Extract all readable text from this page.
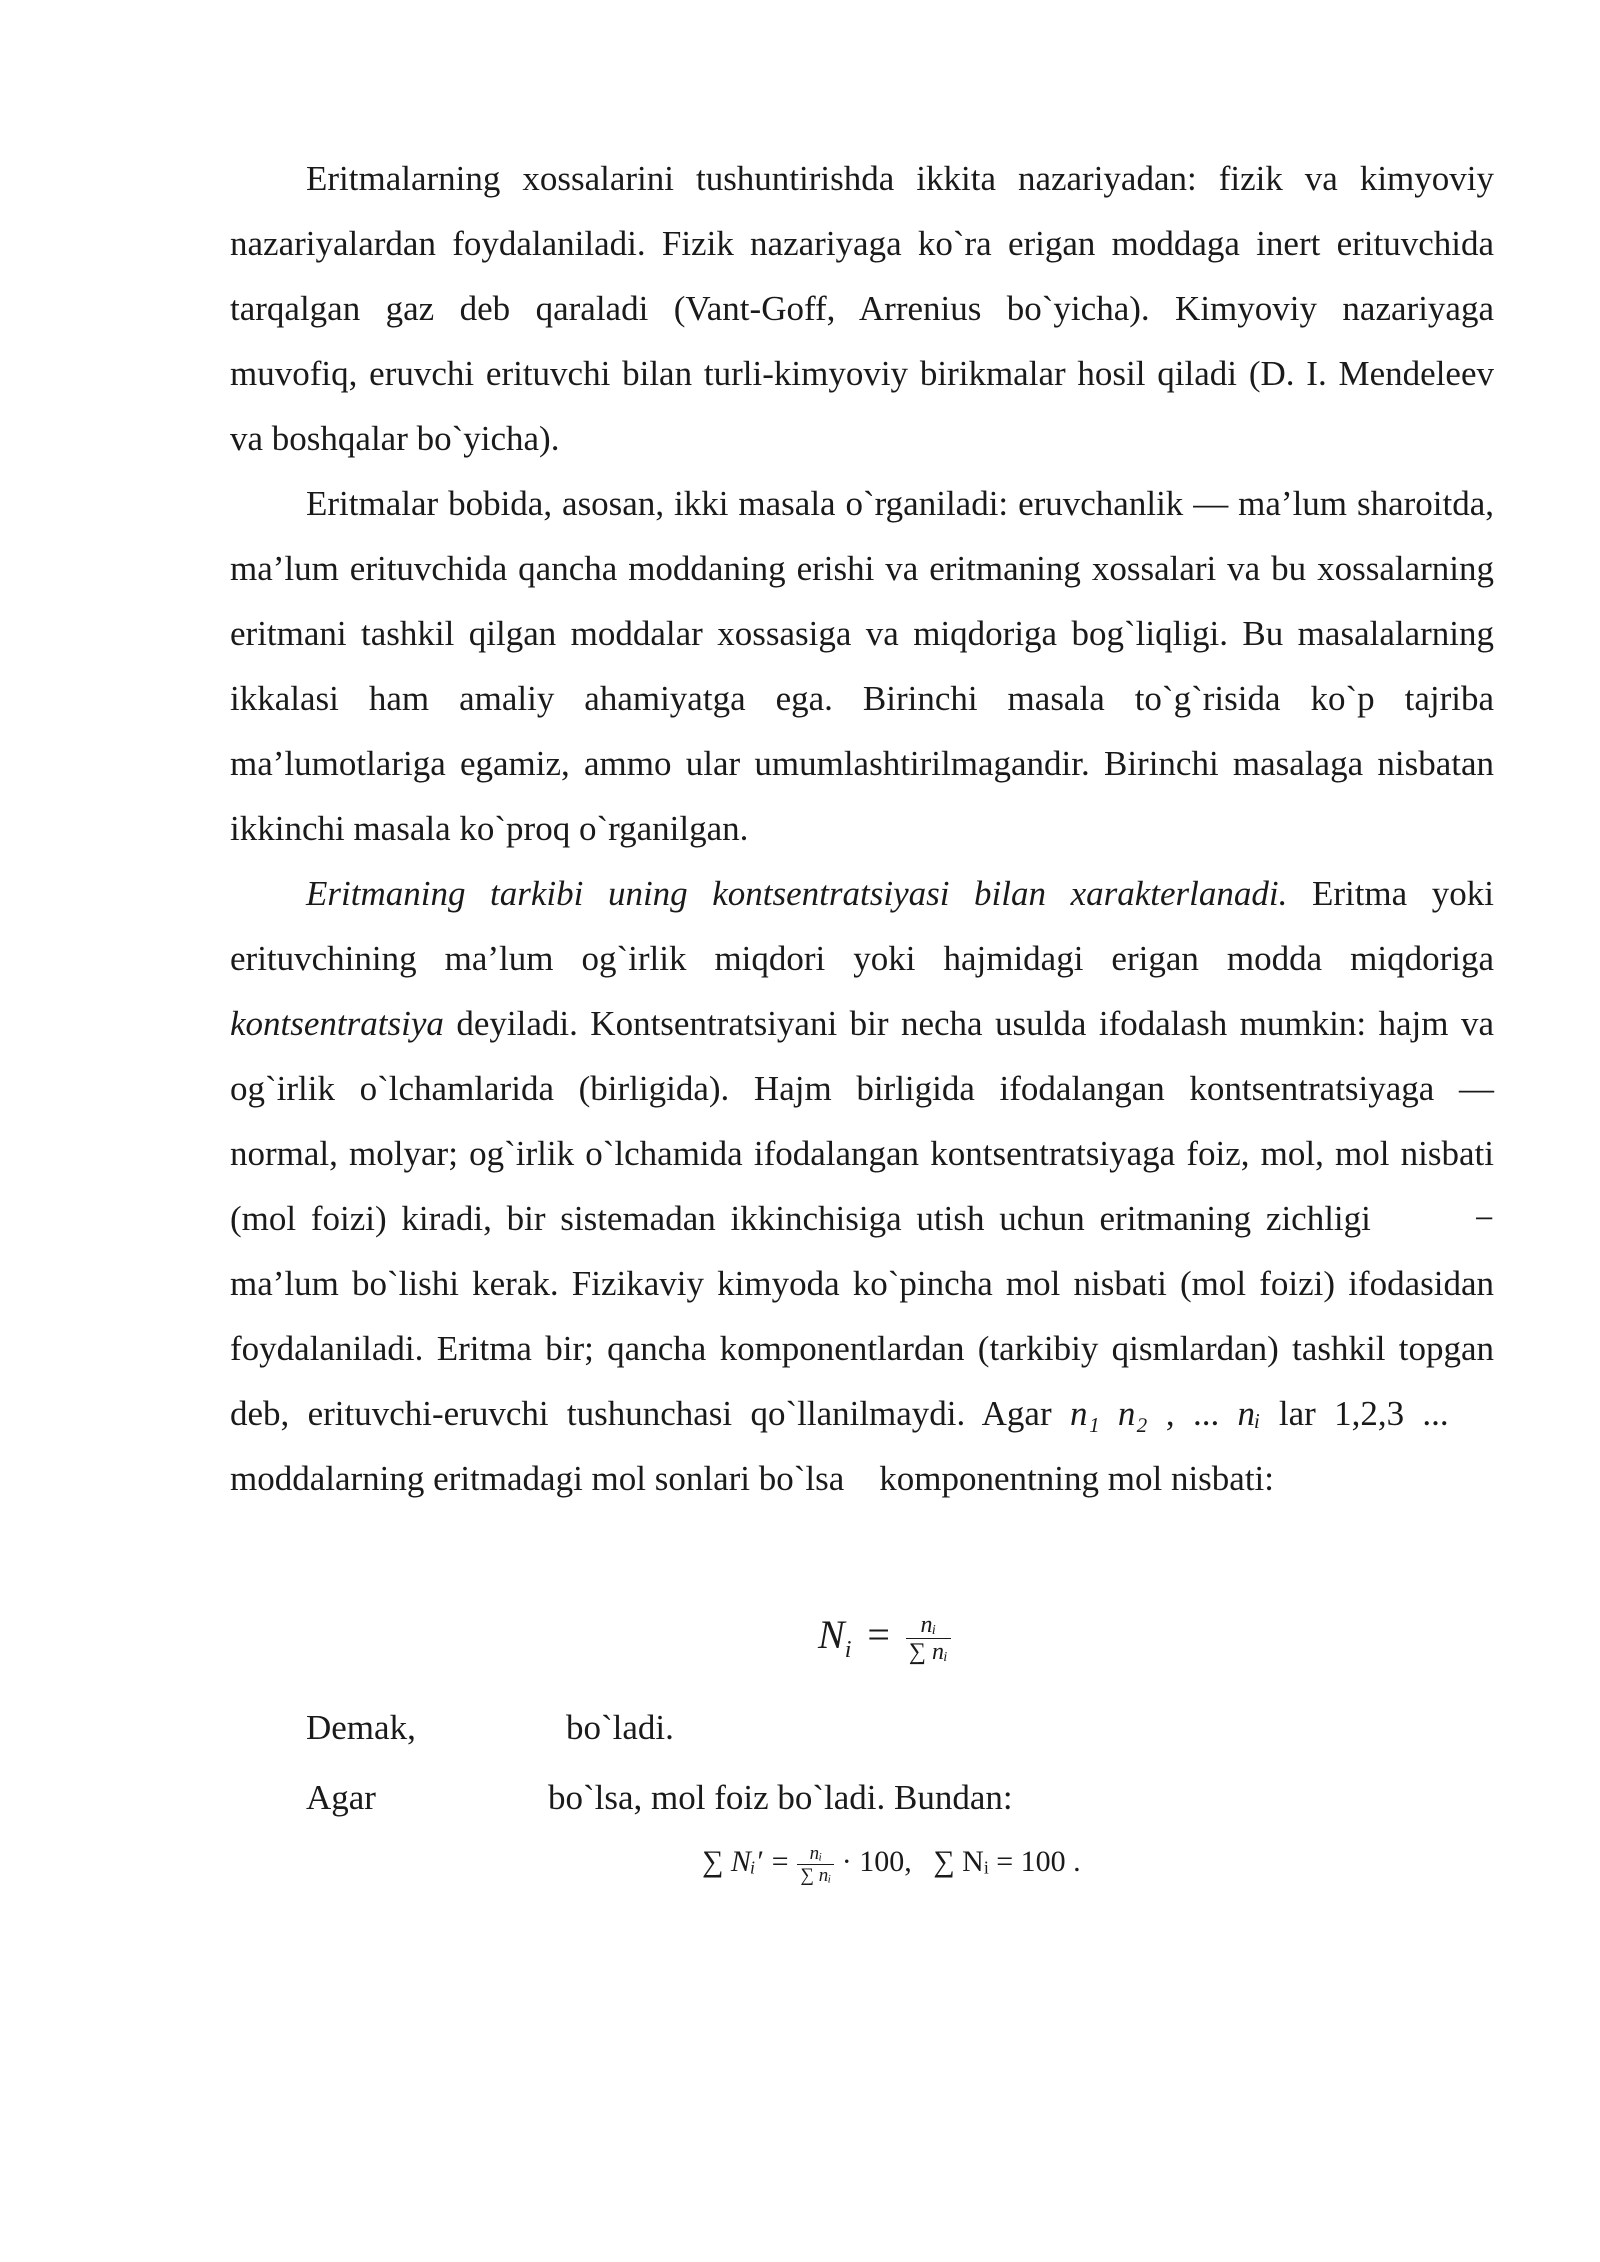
Eritmalarning xossalarini tushuntirishda ikkita nazariyadan: fizik va kimyoviy nazariyalardan foydalaniladi. Fizik nazariyaga ko`ra erigan moddaga inert erituvchida tarqalgan gaz deb qaraladi (Vant-Goff, Arrenius bo`yicha). Kimyoviy nazariyaga muvofiq, eruvchi erituvchi bilan turli-kimyoviy birikmalar hosil qiladi (D. I. Mendeleev va boshqalar bo`yicha).

Eritmalar bobida, asosan, ikki masala o`rganiladi: eruvchanlik — ma’lum sharoitda, ma’lum erituvchida qancha moddaning erishi va eritmaning xossalari va bu xossalarning eritmani tashkil qilgan moddalar xossasiga va miqdoriga bog`liqligi. Bu masalalarning ikkalasi ham amaliy ahamiyatga ega. Birinchi masala to`g`risida ko`p tajriba ma’lumotlariga egamiz, ammo ular umumlashtirilmagandir. Birinchi masalaga nisbatan ikkinchi masala ko`proq o`rganilgan.

Eritmaning tarkibi uning kontsentratsiyasi bilan xarakterlanadi. Eritma yoki erituvchining ma’lum og`irlik miqdori yoki hajmidagi erigan modda miqdoriga kontsentratsiya deyiladi. Kontsentratsiyani bir necha usulda ifodalash mumkin: hajm va og`irlik o`lchamlarida (birligida). Hajm birligida ifodalangan kontsentratsiyaga — normal, molyar; og`irlik o`lchamida ifodalangan kontsentratsiyaga foiz, mol, mol nisbati (mol foizi) kiradi, bir sistemadan ikkinchisiga utish uchun eritmaning zichligi       − ma’lum bo`lishi kerak. Fizikaviy kimyoda ko`pincha mol nisbati (mol foizi) ifodasidan foydalaniladi. Eritma bir; qancha komponentlardan (tarkibiy qismlardan) tashkil topgan deb, erituvchi-eruvchi tushunchasi qo`llanilmaydi. Agar n₁ n₂ , ... nᵢ lar 1,2,3 ...    moddalarning eritmadagi mol sonlari bo`lsa    komponentning mol nisbati:

$N_i = \frac{\text{nᵢ}}{\text{∑ nᵢ}}$
Demak,	bo`ladi.
Agar	bo`lsa, mol foiz bo`ladi. Bundan:
∑ Nᵢ′ = $\frac{\text{nᵢ}}{\text{∑ nᵢ}} \cdot 100$, ∑ Nᵢ = 100 .
